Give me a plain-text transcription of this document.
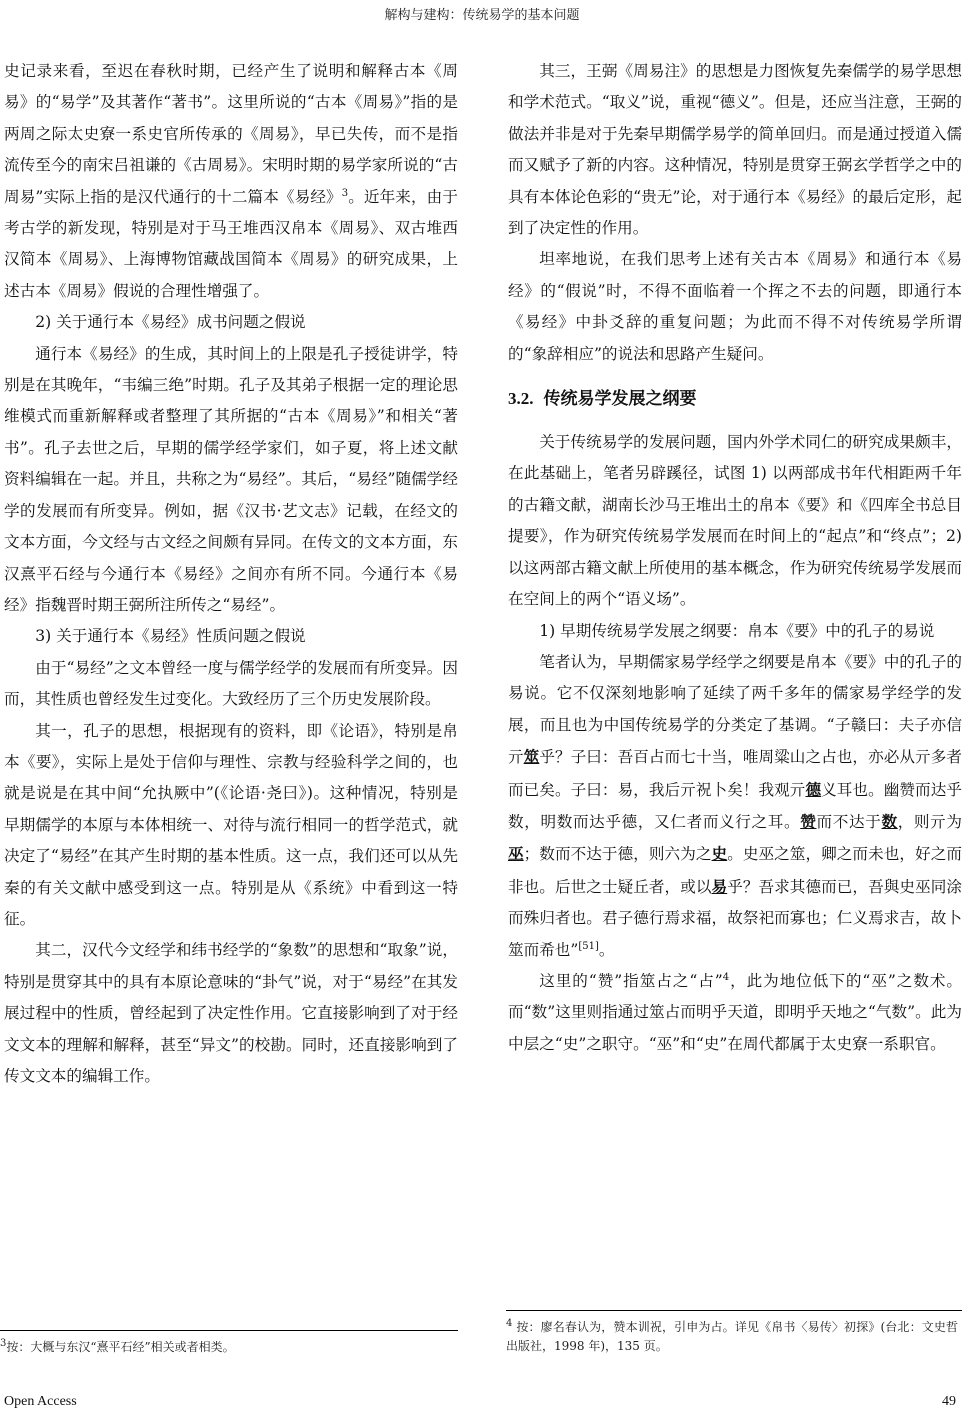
解构与建构：传统易学的基本问题

史记录来看，至迟在春秋时期，已经产生了说明和解释古本《周易》的“易学”及其著作“著书”。这里所说的“古本《周易》”指的是两周之际太史寮一系史官所传承的《周易》，早已失传，而不是指流传至今的南宋吕祖谦的《古周易》。宋明时期的易学家所说的“古周易”实际上指的是汉代通行的十二篇本《易经》$^3$。近年来，由于考古学的新发现，特别是对于马王堆西汉帛本《周易》、双古堆西汉简本《周易》、上海博物馆藏战国简本《周易》的研究成果，上述古本《周易》假说的合理性增强了。

2) 关于通行本《易经》成书问题之假说

通行本《易经》的生成，其时间上的上限是孔子授徒讲学，特别是在其晚年，“韦编三绝”时期。孔子及其弟子根据一定的理论思维模式而重新解释或者整理了其所据的“古本《周易》”和相关“著书”。孔子去世之后，早期的儒学经学家们，如子夏，将上述文献资料编辑在一起。并且，共称之为“易经”。其后，“易经”随儒学经学的发展而有所变异。例如，据《汉书·艺文志》记载，在经文的文本方面，今文经与古文经之间颇有异同。在传文的文本方面，东汉熹平石经与今通行本《易经》之间亦有所不同。今通行本《易经》指魏晋时期王弼所注所传之“易经”。

3) 关于通行本《易经》性质问题之假说

由于“易经”之文本曾经一度与儒学经学的发展而有所变异。因而，其性质也曾经发生过变化。大致经历了三个历史发展阶段。

其一，孔子的思想，根据现有的资料，即《论语》，特别是帛本《要》，实际上是处于信仰与理性、宗教与经验科学之间的，也就是说是在其中间“允执厥中”(《论语·尧曰》)。这种情况，特别是早期儒学的本原与本体相统一、对待与流行相同一的哲学范式，就决定了“易经”在其产生时期的基本性质。这一点，我们还可以从先秦的有关文献中感受到这一点。特别是从《系统》中看到这一特征。

其二，汉代今文经学和纬书经学的“象数”的思想和“取象”说，特别是贯穿其中的具有本原论意味的“卦气”说，对于“易经”在其发展过程中的性质，曾经起到了决定性作用。它直接影响到了对于经文文本的理解和解释，甚至“异文”的校勘。同时，还直接影响到了传文文本的编辑工作。

其三，王弼《周易注》的思想是力图恢复先秦儒学的易学思想和学术范式。“取义”说，重视“德义”。但是，还应当注意，王弼的做法并非是对于先秦早期儒学易学的简单回归。而是通过授道入儒而又赋予了新的内容。这种情况，特别是贯穿王弼玄学哲学之中的具有本体论色彩的“贵无”论，对于通行本《易经》的最后定形，起到了决定性的作用。

坦率地说，在我们思考上述有关古本《周易》和通行本《易经》的“假说”时，不得不面临着一个挥之不去的问题，即通行本《易经》中卦爻辞的重复问题；为此而不得不对传统易学所谓的“象辞相应”的说法和思路产生疑问。

3.2. 传统易学发展之纲要

关于传统易学的发展问题，国内外学术同仁的研究成果颇丰，在此基础上，笔者另辟蹊径，试图 1) 以两部成书年代相距两千年的古籍文献，湖南长沙马王堆出土的帛本《要》和《四库全书总目提要》，作为研究传统易学发展而在时间上的“起点”和“终点”；2) 以这两部古籍文献上所使用的基本概念，作为研究传统易学发展而在空间上的两个“语义场”。

1) 早期传统易学发展之纲要：帛本《要》中的孔子的易说

笔者认为，早期儒家易学经学之纲要是帛本《要》中的孔子的易说。它不仅深刻地影响了延续了两千多年的儒家易学经学的发展，而且也为中国传统易学的分类定了基调。“子赣曰：夫子亦信亓筮乎？子曰：吾百占而七十当，唯周粱山之占也，亦必从亓多者而已矣。子曰：易，我后亓祝卜矣！我观亓德义耳也。幽赞而达乎数，明数而达乎德，又仁者而义行之耳。赞而不达于数，则亓为巫；数而不达于德，则六为之史。史巫之筮，卿之而未也，好之而非也。后世之士疑丘者，或以易乎？吾求其德而已，吾與史巫同涂而殊归者也。君子德行焉求福，故祭祀而寡也；仁义焉求吉，故卜筮而希也”[51]。

这里的“赞”指筮占之“占”$^4$，此为地位低下的“巫”之数术。而“数”这里则指通过筮占而明乎天道，即明乎天地之“气数”。此为中层之“史”之职守。“巫”和“史”在周代都属于太史寮一系职官。

$^3$按：大概与东汉“熹平石经”相关或者相类。
$^4$ 按：廖名春认为，赞本训祝，引申为占。详见《帛书〈易传〉初探》(台北：文史哲出版社，1998 年)，135 页。
Open Access	49
